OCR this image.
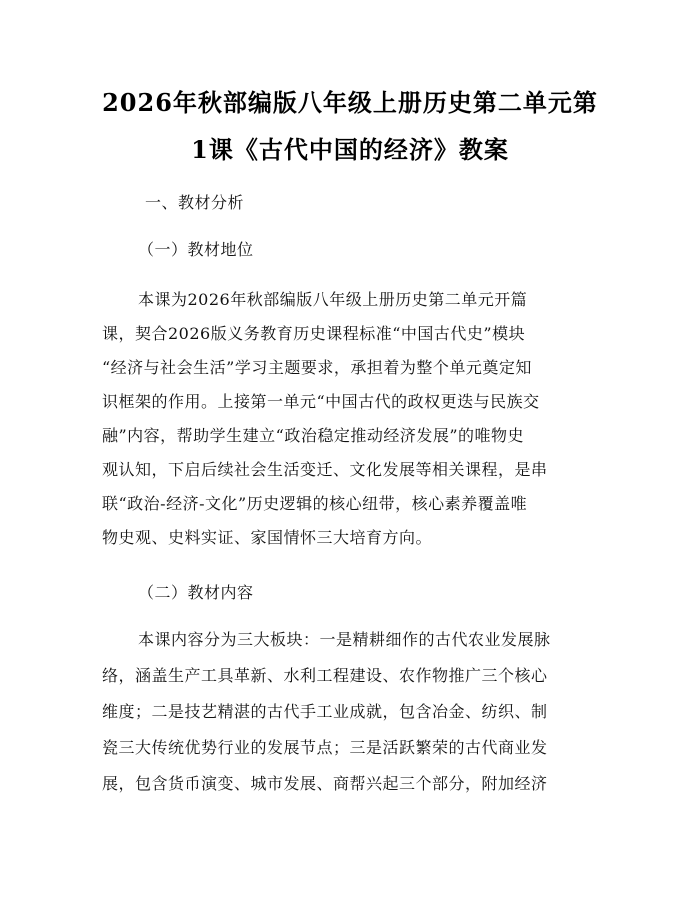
2026年秋部编版八年级上册历史第二单元第
1课《古代中国的经济》教案
一、教材分析
（一）教材地位
本课为2026年秋部编版八年级上册历史第二单元开篇
课，契合2026版义务教育历史课程标准“中国古代史”模块
“经济与社会生活”学习主题要求，承担着为整个单元奠定知
识框架的作用。上接第一单元“中国古代的政权更迭与民族交
融”内容，帮助学生建立“政治稳定推动经济发展”的唯物史
观认知，下启后续社会生活变迁、文化发展等相关课程，是串
联“政治-经济-文化”历史逻辑的核心纽带，核心素养覆盖唯
物史观、史料实证、家国情怀三大培育方向。
（二）教材内容
本课内容分为三大板块：一是精耕细作的古代农业发展脉
络，涵盖生产工具革新、水利工程建设、农作物推广三个核心
维度；二是技艺精湛的古代手工业成就，包含冶金、纺织、制
瓷三大传统优势行业的发展节点；三是活跃繁荣的古代商业发
展，包含货币演变、城市发展、商帮兴起三个部分，附加经济
